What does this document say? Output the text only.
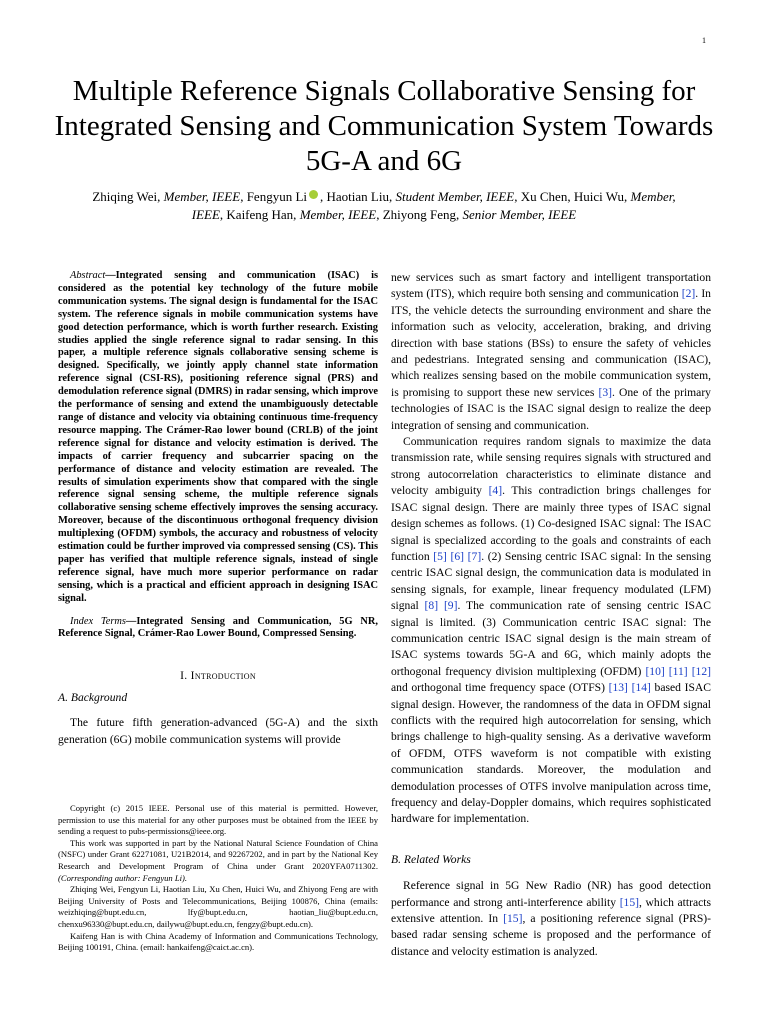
1
Multiple Reference Signals Collaborative Sensing for Integrated Sensing and Communication System Towards 5G-A and 6G
Zhiqing Wei, Member, IEEE, Fengyun Li , Haotian Liu, Student Member, IEEE, Xu Chen, Huici Wu, Member, IEEE, Kaifeng Han, Member, IEEE, Zhiyong Feng, Senior Member, IEEE

Abstract—Integrated sensing and communication (ISAC) is considered as the potential key technology of the future mobile communication systems. The signal design is fundamental for the ISAC system. The reference signals in mobile communication systems have good detection performance, which is worth further research. Existing studies applied the single reference signal to radar sensing. In this paper, a multiple reference signals collaborative sensing scheme is designed. Specifically, we jointly apply channel state information reference signal (CSI-RS), positioning reference signal (PRS) and demodulation reference signal (DMRS) in radar sensing, which improve the performance of sensing and extend the unambiguously detectable range of distance and velocity via obtaining continuous time-frequency resource mapping. The Crámer-Rao lower bound (CRLB) of the joint reference signal for distance and velocity estimation is derived. The impacts of carrier frequency and subcarrier spacing on the performance of distance and velocity estimation are revealed. The results of simulation experiments show that compared with the single reference signal sensing scheme, the multiple reference signals collaborative sensing scheme effectively improves the sensing accuracy. Moreover, because of the discontinuous orthogonal frequency division multiplexing (OFDM) symbols, the accuracy and robustness of velocity estimation could be further improved via compressed sensing (CS). This paper has verified that multiple reference signals, instead of single reference signal, have much more superior performance on radar sensing, which is a practical and efficient approach in designing ISAC signal.

Index Terms—Integrated Sensing and Communication, 5G NR, Reference Signal, Crámer-Rao Lower Bound, Compressed Sensing.

I. Introduction
A. Background

The future fifth generation-advanced (5G-A) and the sixth generation (6G) mobile communication systems will provide

Copyright (c) 2015 IEEE. Personal use of this material is permitted. However, permission to use this material for any other purposes must be obtained from the IEEE by sending a request to pubs-permissions@ieee.org.

This work was supported in part by the National Natural Science Foundation of China (NSFC) under Grant 62271081, U21B2014, and 92267202, and in part by the National Key Research and Development Program of China under Grant 2020YFA0711302. (Corresponding author: Fengyun Li).

Zhiqing Wei, Fengyun Li, Haotian Liu, Xu Chen, Huici Wu, and Zhiyong Feng are with Beijing University of Posts and Telecommunications, Beijing 100876, China (emails: weizhiqing@bupt.edu.cn, lfy@bupt.edu.cn, haotian_liu@bupt.edu.cn, chenxu96330@bupt.edu.cn, dailywu@bupt.edu.cn, fengzy@bupt.edu.cn).

Kaifeng Han is with China Academy of Information and Communications Technology, Beijing 100191, China. (email: hankaifeng@caict.ac.cn).

new services such as smart factory and intelligent transportation system (ITS), which require both sensing and communication [2]. In ITS, the vehicle detects the surrounding environment and share the information such as velocity, acceleration, braking, and driving direction with base stations (BSs) to ensure the safety of vehicles and pedestrians. Integrated sensing and communication (ISAC), which realizes sensing based on the mobile communication system, is promising to support these new services [3]. One of the primary technologies of ISAC is the ISAC signal design to realize the deep integration of sensing and communication.

Communication requires random signals to maximize the data transmission rate, while sensing requires signals with structured and strong autocorrelation characteristics to eliminate distance and velocity ambiguity [4]. This contradiction brings challenges for ISAC signal design. There are mainly three types of ISAC signal design schemes as follows. (1) Co-designed ISAC signal: The ISAC signal is specialized according to the goals and constraints of each function [5] [6] [7]. (2) Sensing centric ISAC signal: In the sensing centric ISAC signal design, the communication data is modulated in sensing signals, for example, linear frequency modulated (LFM) signal [8] [9]. The communication rate of sensing centric ISAC signal is limited. (3) Communication centric ISAC signal: The communication centric ISAC signal design is the main stream of ISAC systems towards 5G-A and 6G, which mainly adopts the orthogonal frequency division multiplexing (OFDM) [10] [11] [12] and orthogonal time frequency space (OTFS) [13] [14] based ISAC signal design. However, the randomness of the data in OFDM signal conflicts with the required high autocorrelation for sensing, which brings challenge to high-quality sensing. As a derivative waveform of OFDM, OTFS waveform is not compatible with existing communication standards. Moreover, the modulation and demodulation processes of OTFS involve manipulation across time, frequency and delay-Doppler domains, which requires sophisticated hardware for implementation.

B. Related Works

Reference signal in 5G New Radio (NR) has good detection performance and strong anti-interference ability [15], which attracts extensive attention. In [15], a positioning reference signal (PRS)-based radar sensing scheme is proposed and the performance of distance and velocity estimation is analyzed.
